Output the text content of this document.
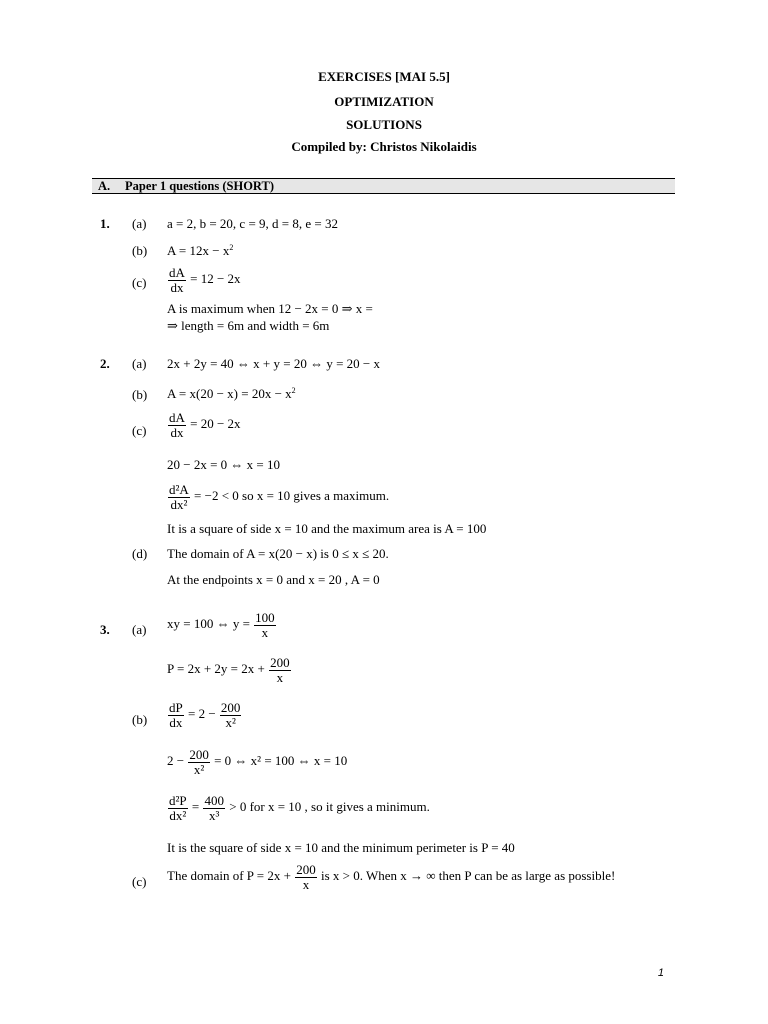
EXERCISES [MAI 5.5]
OPTIMIZATION
SOLUTIONS
Compiled by: Christos Nikolaidis
A. Paper 1 questions (SHORT)
1. (a) a = 2, b = 20, c = 9, d = 8, e = 32
(b) $A = 12x - x^2$
$(c) \frac{dA}{dx} = 12 - 2x$
A is maximum when 12 − 2x = 0 ⇒ x =
⇒ length = 6m and width = 6m
2. (a) 2x + 2y = 40 ⇔ x + y = 20 ⇔ y = 20 − x
(b) $A = x(20 - x) = 20x - x^2$
$(c) \frac{dA}{dx} = 20 - 2x$
20 − 2x = 0 ⇔ x = 10
$\frac{\text{d²A}}{\text{dx²}} = -2 < 0$ so x = 10 gives a maximum.
It is a square of side x = 10 and the maximum area is A = 100
(d) The domain of A = x(20 − x) is 0 ≤ x ≤ 20.
At the endpoints x = 0 and x = 20 , A = 0
3. (a) xy = 100 ⇔ $y = \frac{100}{x}$
$P = 2x + 2y = 2x + \frac{200}{x}$
$(b) \frac{dP}{dx} = 2 - \frac{200}{\text{x²}}$
$2 - \frac{200}{\text{x²}} = 0$ ⇔ x² = 100 ⇔ x = 10
$\frac{\text{d²P}}{\text{dx²}} = \frac{400}{\text{x³}} > 0$ for x = 10 , so it gives a minimum.
It is the square of side x = 10 and the minimum perimeter is P = 40
(c) The domain of $P = 2x + \frac{200}{x}$ is x > 0. When x → ∞ then P can be as large as possible!
1
